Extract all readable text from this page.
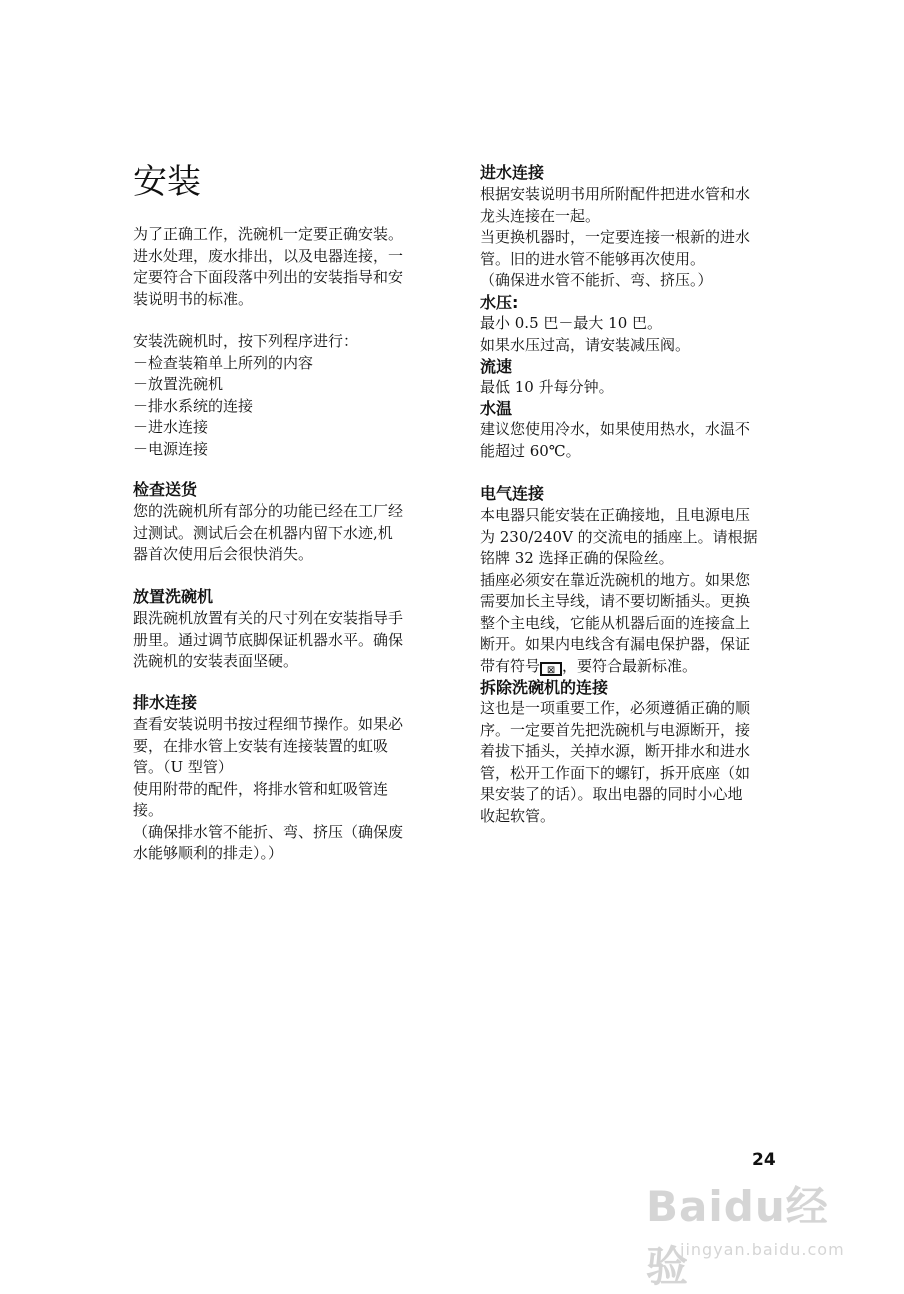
安装
为了正确工作，洗碗机一定要正确安装。
进水处理，废水排出，以及电器连接，一
定要符合下面段落中列出的安装指导和安
装说明书的标准。
安装洗碗机时，按下列程序进行：
－检查装箱单上所列的内容
－放置洗碗机
－排水系统的连接
－进水连接
－电源连接
检查送货
您的洗碗机所有部分的功能已经在工厂经
过测试。测试后会在机器内留下水迹,机
器首次使用后会很快消失。
放置洗碗机
跟洗碗机放置有关的尺寸列在安装指导手
册里。通过调节底脚保证机器水平。确保
洗碗机的安装表面坚硬。
排水连接
查看安装说明书按过程细节操作。如果必
要，在排水管上安装有连接装置的虹吸
管。（U 型管）
使用附带的配件，将排水管和虹吸管连
接。
（确保排水管不能折、弯、挤压（确保废
水能够顺利的排走）。）
进水连接
根据安装说明书用所附配件把进水管和水
龙头连接在一起。
当更换机器时，一定要连接一根新的进水
管。旧的进水管不能够再次使用。
（确保进水管不能折、弯、挤压。）
水压:
最小 0.5 巴－最大 10 巴。
如果水压过高，请安装减压阀。
流速
最低 10 升每分钟。
水温
建议您使用冷水，如果使用热水，水温不
能超过 60℃。
电气连接
本电器只能安装在正确接地，且电源电压
为 230/240V 的交流电的插座上。请根据
铭牌 32 选择正确的保险丝。
插座必须安在靠近洗碗机的地方。如果您
需要加长主导线，请不要切断插头。更换
整个主电线，它能从机器后面的连接盒上
断开。如果内电线含有漏电保护器，保证
带有符号 ⊠ ，要符合最新标准。
拆除洗碗机的连接
这也是一项重要工作，必须遵循正确的顺
序。一定要首先把洗碗机与电源断开，接
着拔下插头，关掉水源，断开排水和进水
管，松开工作面下的螺钉，拆开底座（如
果安装了的话）。取出电器的同时小心地
收起软管。
24
Baidu经验
jingyan.baidu.com
